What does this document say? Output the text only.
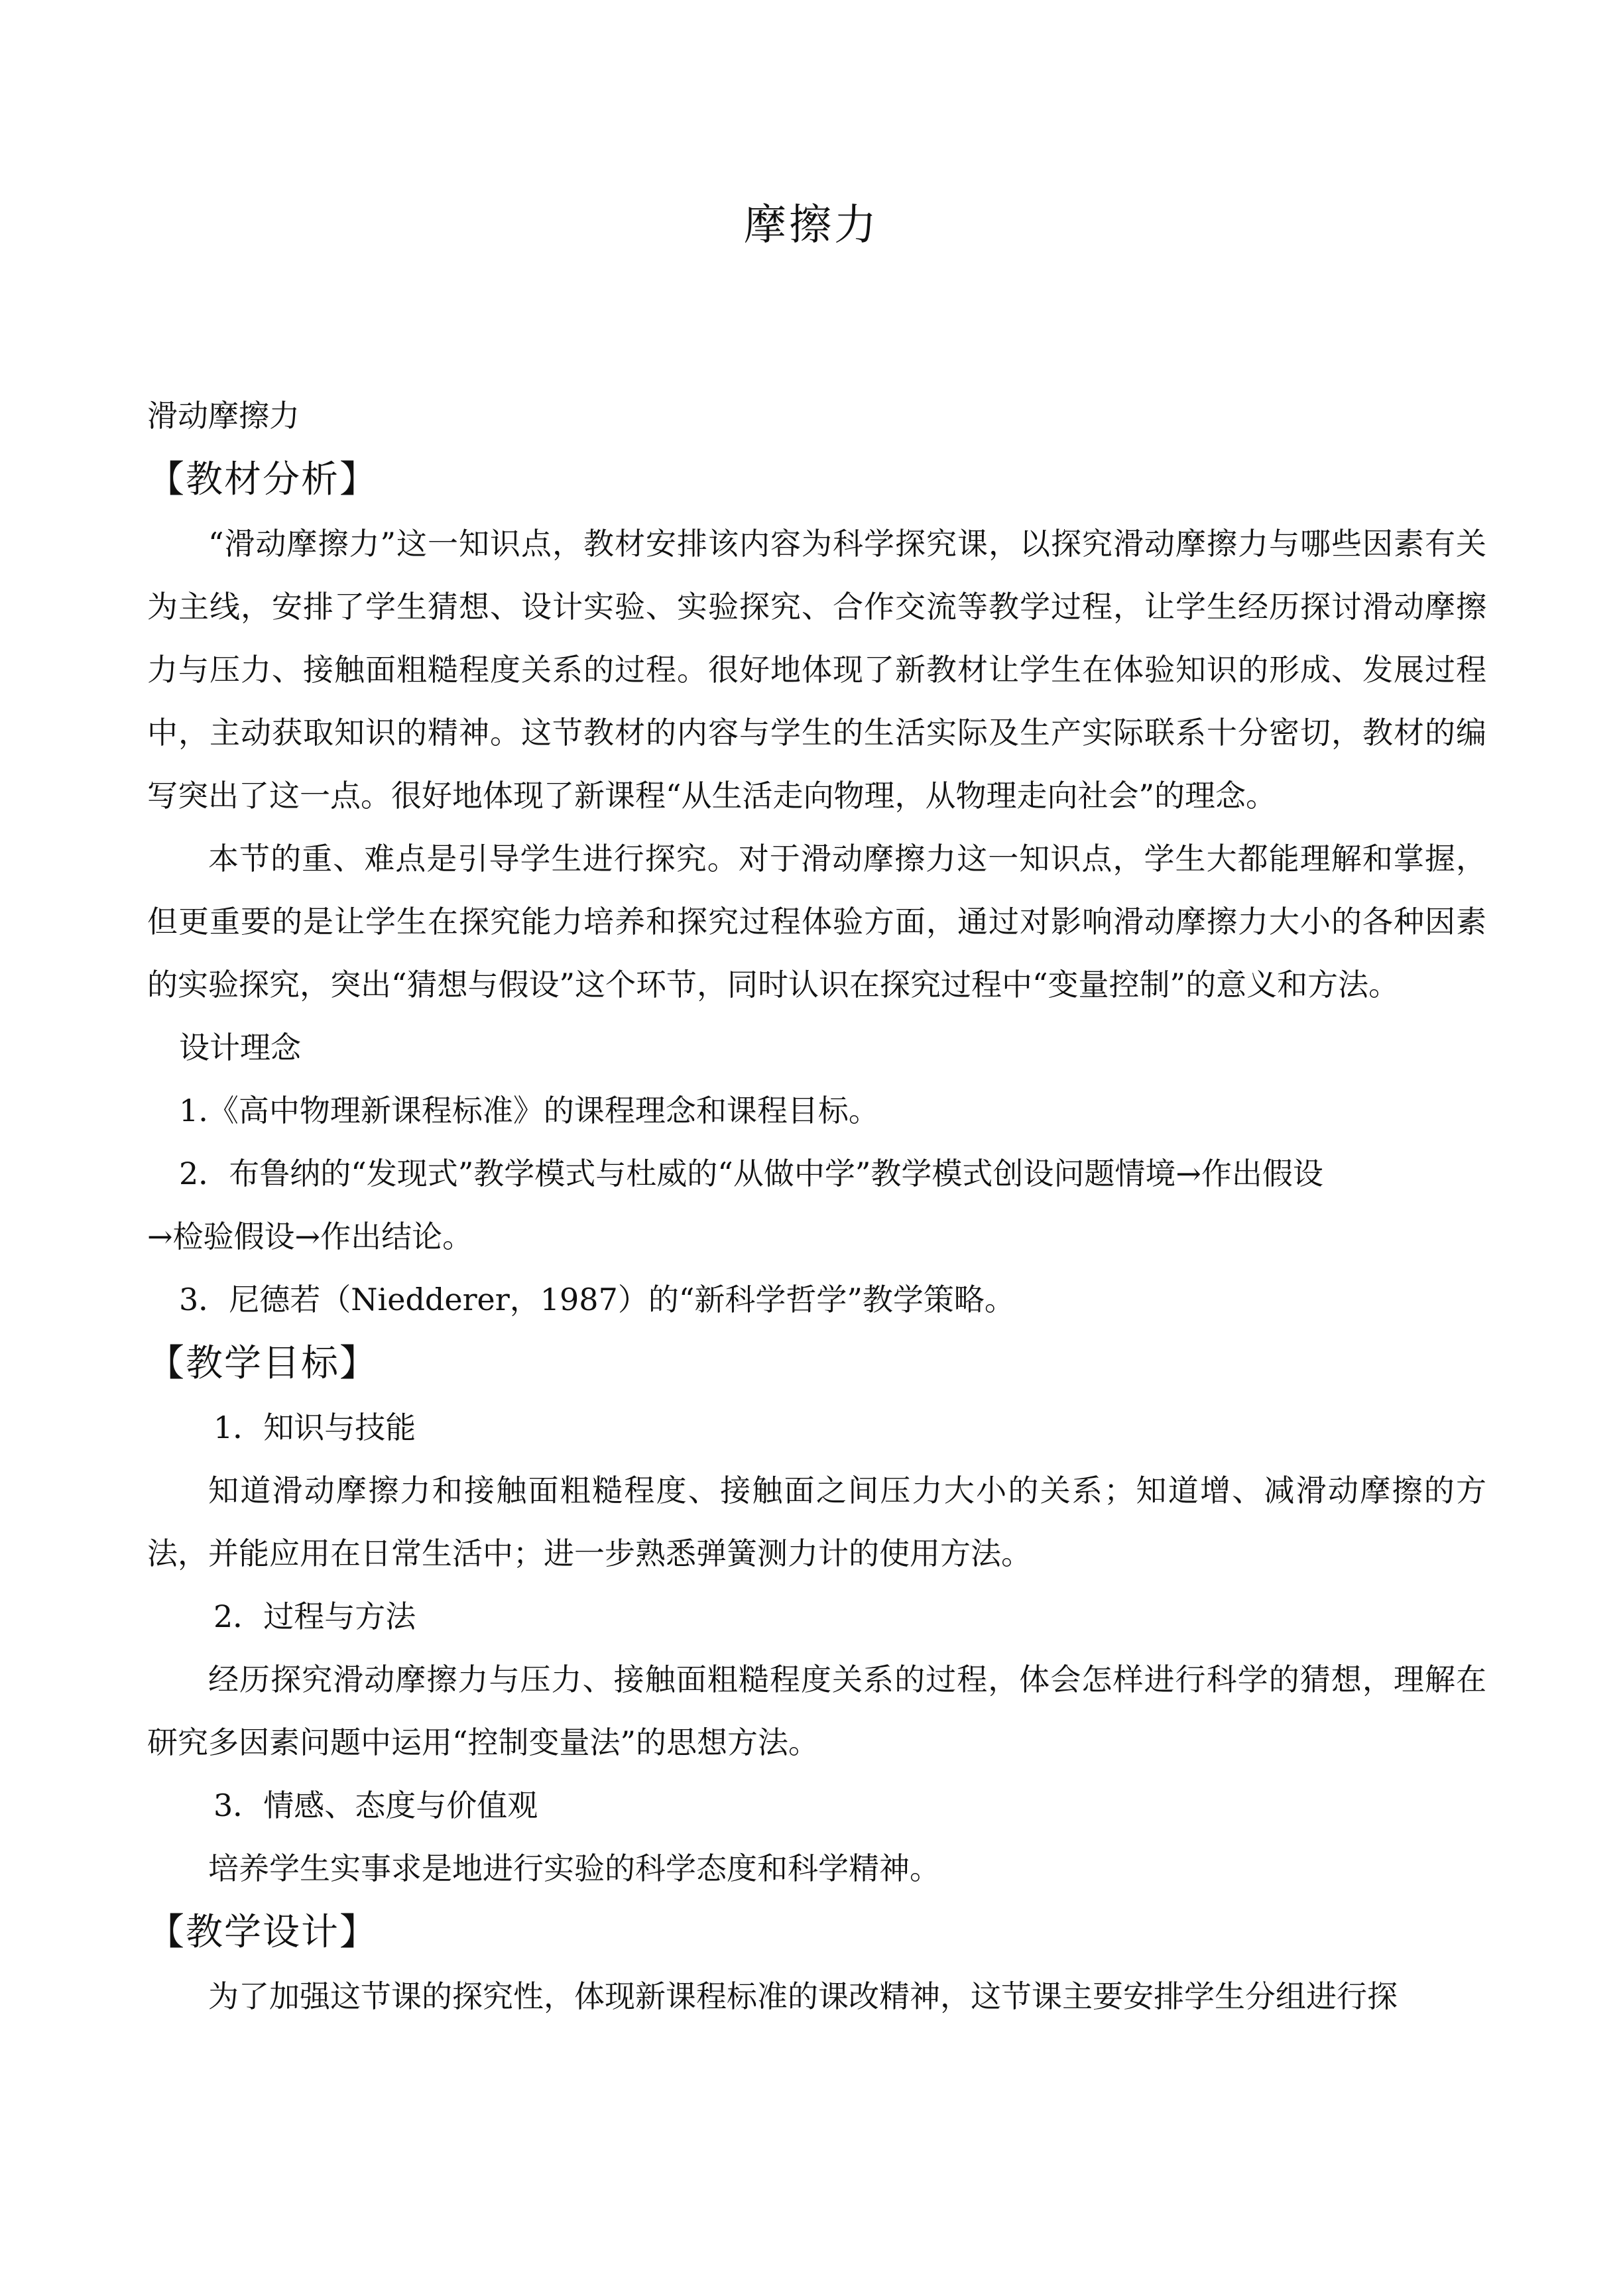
摩擦力

滑动摩擦力

【教材分析】

“滑动摩擦力”这一知识点，教材安排该内容为科学探究课，以探究滑动摩擦力与哪些因素有关为主线，安排了学生猜想、设计实验、实验探究、合作交流等教学过程，让学生经历探讨滑动摩擦力与压力、接触面粗糙程度关系的过程。很好地体现了新教材让学生在体验知识的形成、发展过程中，主动获取知识的精神。这节教材的内容与学生的生活实际及生产实际联系十分密切，教材的编写突出了这一点。很好地体现了新课程“从生活走向物理，从物理走向社会”的理念。

本节的重、难点是引导学生进行探究。对于滑动摩擦力这一知识点，学生大都能理解和掌握，但更重要的是让学生在探究能力培养和探究过程体验方面，通过对影响滑动摩擦力大小的各种因素的实验探究，突出“猜想与假设”这个环节，同时认识在探究过程中“变量控制”的意义和方法。

设计理念

1.《高中物理新课程标准》的课程理念和课程目标。

2．布鲁纳的“发现式”教学模式与杜威的“从做中学”教学模式创设问题情境→作出假设

→检验假设→作出结论。

3．尼德若（Niedderer，1987）的“新科学哲学”教学策略。

【教学目标】

1．知识与技能

知道滑动摩擦力和接触面粗糙程度、接触面之间压力大小的关系；知道增、减滑动摩擦的方法，并能应用在日常生活中；进一步熟悉弹簧测力计的使用方法。

2．过程与方法

经历探究滑动摩擦力与压力、接触面粗糙程度关系的过程，体会怎样进行科学的猜想，理解在研究多因素问题中运用“控制变量法”的思想方法。

3．情感、态度与价值观

培养学生实事求是地进行实验的科学态度和科学精神。

【教学设计】

为了加强这节课的探究性，体现新课程标准的课改精神，这节课主要安排学生分组进行探
